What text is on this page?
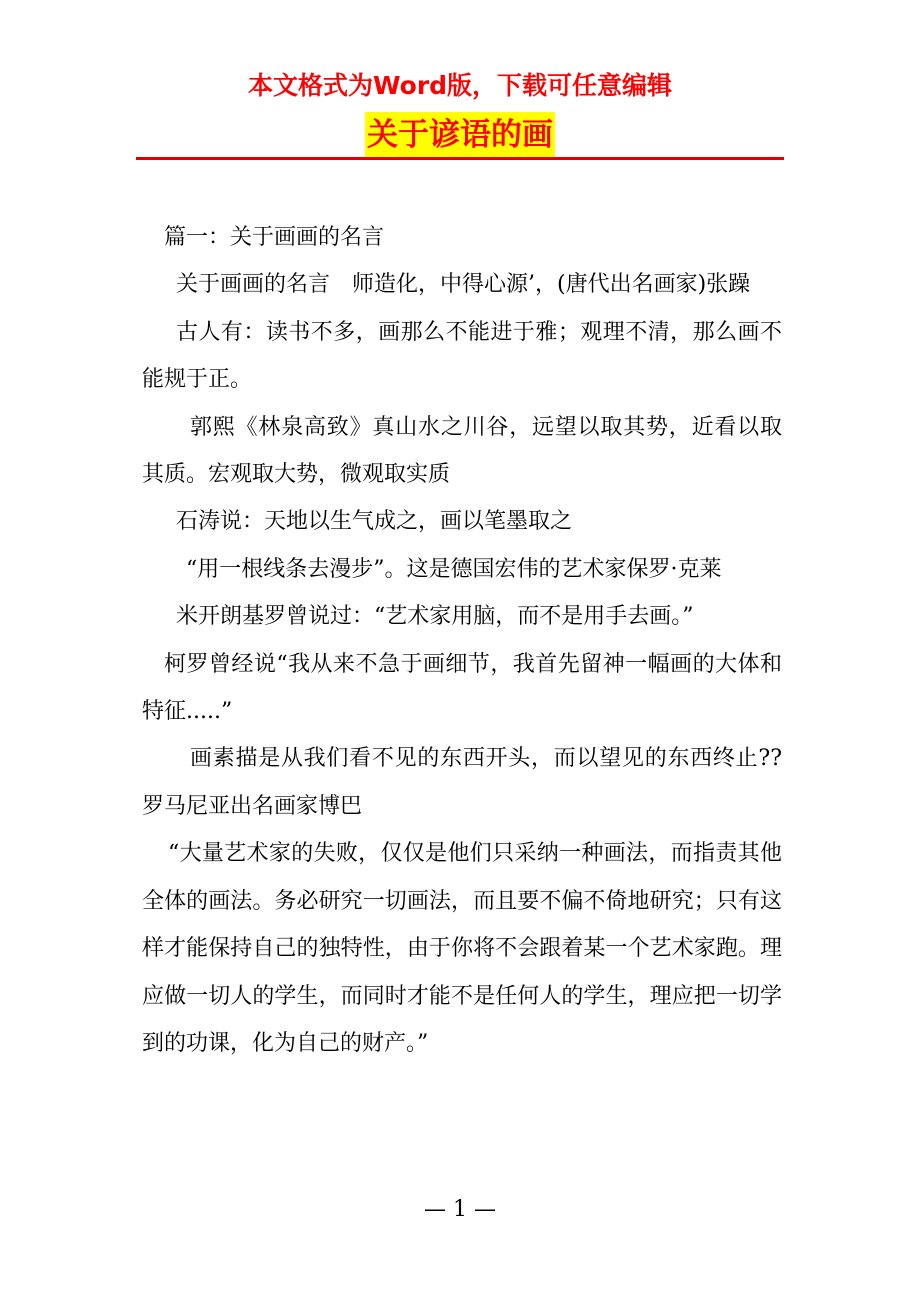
本文格式为Word版，下载可任意编辑
关于谚语的画

篇一：关于画画的名言

关于画画的名言　师造化，中得心源’，(唐代出名画家)张躁

古人有：读书不多，画那么不能进于雅；观理不清，那么画不能规于正。

郭熙《林泉高致》真山水之川谷，远望以取其势，近看以取其质。宏观取大势，微观取实质

石涛说：天地以生气成之，画以笔墨取之

“用一根线条去漫步”。这是德国宏伟的艺术家保罗·克莱

米开朗基罗曾说过：“艺术家用脑，而不是用手去画。”

柯罗曾经说“我从来不急于画细节，我首先留神一幅画的大体和特征.....”

画素描是从我们看不见的东西开头，而以望见的东西终止?? 罗马尼亚出名画家博巴

“大量艺术家的失败，仅仅是他们只采纳一种画法，而指责其他全体的画法。务必研究一切画法，而且要不偏不倚地研究；只有这样才能保持自己的独特性，由于你将不会跟着某一个艺术家跑。理应做一切人的学生，而同时才能不是任何人的学生，理应把一切学到的功课，化为自己的财产。”

— 1 —
